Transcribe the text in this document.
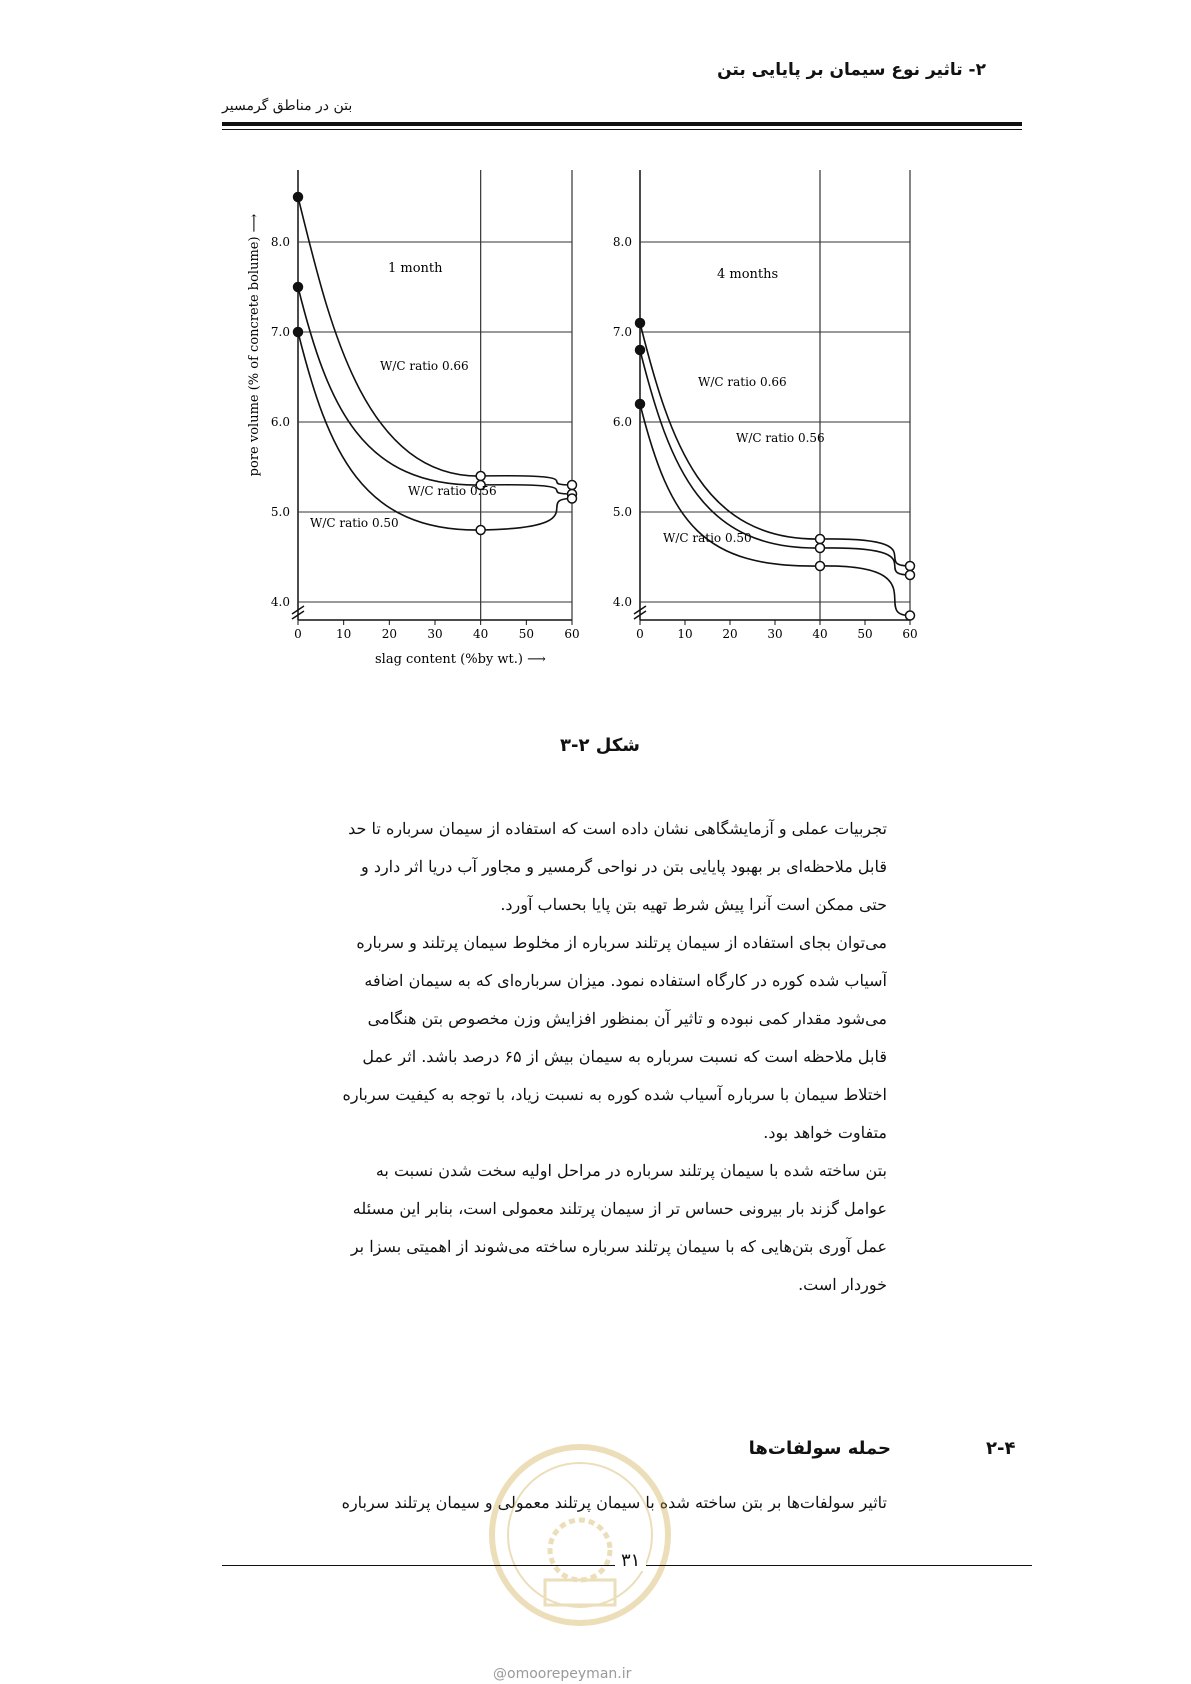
۲- تاثیر نوع سیمان بر پایایی بتن
بتن در مناطق گرمسیر
4.0
5.0
6.0
7.0
8.0
0	10	20	30	40	50	60
1 month
W/C ratio 0.66
W/C ratio 0.56
W/C ratio 0.50
4.0
5.0
6.0
7.0
8.0
0	10 20 30 40 50 60
4 months
W/C ratio 0.66
W/C ratio 0.56
W/C ratio 0.50
pore volume (% of concrete bolume) ⟶
slag content (%by wt.) ⟶
شکل ۲-۳
تجربیات عملی و آزمایشگاهی نشان داده است که استفاده از سیمان سرباره تا حد
قابل ملاحظه‌ای بر بهبود پایایی بتن در نواحی گرمسیر و مجاور آب دریا اثر دارد و
حتی ممکن است آنرا پیش شرط تهیه بتن پایا بحساب آورد.
می‌توان بجای استفاده از سیمان پرتلند سرباره از مخلوط سیمان پرتلند و سرباره
آسیاب شده کوره در کارگاه استفاده نمود. میزان سرباره‌ای که به سیمان اضافه
می‌شود مقدار کمی نبوده و تاثیر آن بمنظور افزایش وزن مخصوص بتن هنگامی
قابل ملاحظه است که نسبت سرباره به سیمان بیش از ۶۵ درصد باشد. اثر عمل
اختلاط سیمان با سرباره آسیاب شده کوره به نسبت زیاد، با توجه به کیفیت سرباره
متفاوت خواهد بود.
بتن ساخته شده با سیمان پرتلند سرباره در مراحل اولیه سخت شدن نسبت به
عوامل گزند بار بیرونی حساس تر از سیمان پرتلند معمولی است، بنابر این مسئله
عمل آوری بتن‌هایی که با سیمان پرتلند سرباره ساخته می‌شوند از اهمیتی بسزا بر
خوردار است.
حمله سولفات‌ها	۲-۴
تاثیر سولفات‌ها بر بتن ساخته شده با سیمان پرتلند معمولی و سیمان پرتلند سرباره
۳۱
@omoorepeyman.ir
